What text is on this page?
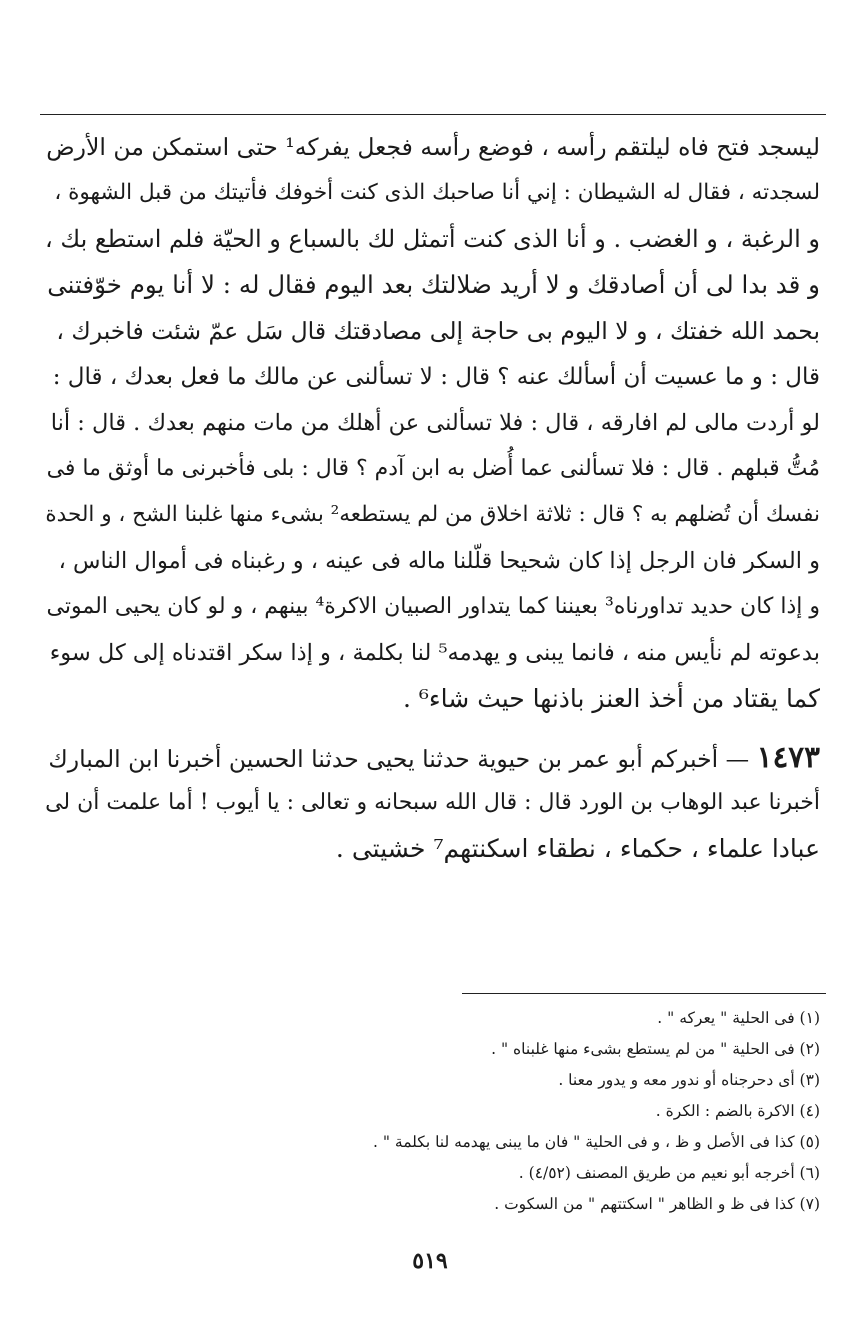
ليسجد فتح فاه ليلتقم رأسه ، فوضع رأسه فجعل يفركه¹ حتى استمكن من الأرض
لسجدته ، فقال له الشيطان : إني أنا صاحبك الذى كنت أخوفك فأتيتك من قبل الشهوة ،
و الرغبة ، و الغضب . و أنا الذى كنت أتمثل لك بالسباع و الحيّة فلم استطع بك ،
و قد بدا لى أن أصادقك و لا أريد ضلالتك بعد اليوم فقال له : لا أنا يوم خوّفتنى
بحمد الله خفتك ، و لا اليوم بى حاجة إلى مصادقتك قال سَل عمّ شئت فاخبرك ،
قال : و ما عسيت أن أسألك عنه ؟ قال : لا تسألنى عن مالك ما فعل بعدك ، قال :
لو أردت مالى لم افارقه ، قال : فلا تسألنى عن أهلك من مات منهم بعدك . قال : أنا
مُتُّ قبلهم . قال : فلا تسألنى عما أُضل به ابن آدم ؟ قال : بلى فأخبرنى ما أوثق ما فى
نفسك أن تُضلهم به ؟ قال : ثلاثة اخلاق من لم يستطعه² بشىء منها غلبنا الشح ، و الحدة
و السكر فان الرجل إذا كان شحيحا قلّلنا ماله فى عينه ، و رغبناه فى أموال الناس ،
و إذا كان حديد تداورناه³ بعيننا كما يتداور الصبيان الاكرة⁴ بينهم ، و لو كان يحيى الموتى
بدعوته لم نأيس منه ، فانما يبنى و يهدمه⁵ لنا بكلمة ، و إذا سكر اقتدناه إلى كل سوء
كما يقتاد من أخذ العنز باذنها حيث شاء⁶ .
١٤٧٣ — أخبركم أبو عمر بن حيوية حدثنا يحيى حدثنا الحسين أخبرنا ابن المبارك
أخبرنا عبد الوهاب بن الورد قال : قال الله سبحانه و تعالى : يا أيوب ! أما علمت أن لى
عبادا علماء ، حكماء ، نطقاء اسكنتهم⁷ خشيتى .
(١) فى الحلية " يعركه " .
(٢) فى الحلية " من لم يستطع بشىء منها غلبناه " .
(٣) أى دحرجناه أو ندور معه و يدور معنا .
(٤) الاكرة بالضم : الكرة .
(٥) كذا فى الأصل و ظ ، و فى الحلية " فان ما يبنى يهدمه لنا بكلمة " .
(٦) أخرجه أبو نعيم من طريق المصنف (٤/٥٢) .
(٧) كذا فى ظ و الظاهر " اسكتتهم " من السكوت .
٥١٩
